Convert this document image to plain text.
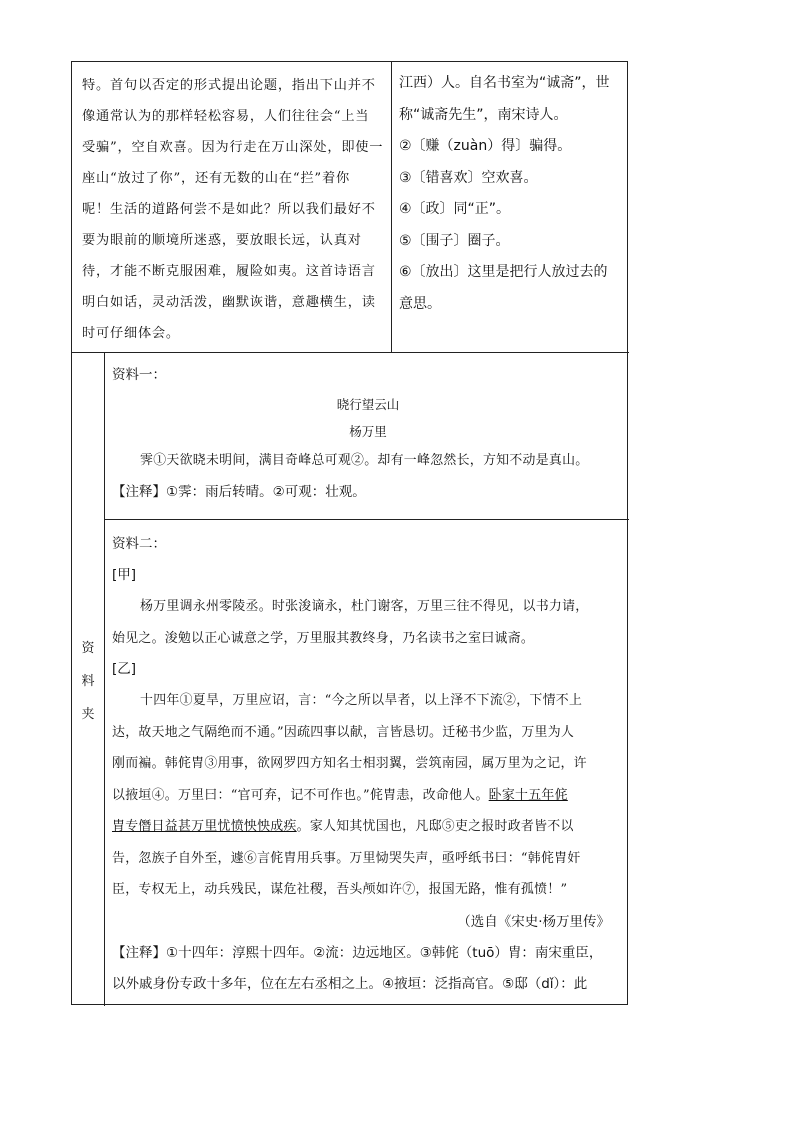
特。首句以否定的形式提出论题，指出下山并不
像通常认为的那样轻松容易，人们往往会“上当
受骗”，空自欢喜。因为行走在万山深处，即使一
座山“放过了你”，还有无数的山在“拦”着你
呢！生活的道路何尝不是如此？所以我们最好不
要为眼前的顺境所迷惑，要放眼长远，认真对
待，才能不断克服困难，履险如夷。这首诗语言
明白如话，灵动活泼，幽默诙谐，意趣横生，读
时可仔细体会。
江西）人。自名书室为“诚斋”，世
称“诚斋先生”，南宋诗人。
②〔赚（zuàn）得〕骗得。
③〔错喜欢〕空欢喜。
④〔政〕同“正”。
⑤〔围子〕圈子。
⑥〔放出〕这里是把行人放过去的
意思。
资
料
夹
资料一：
晓行望云山
杨万里
霁①天欲晓未明间，满目奇峰总可观②。却有一峰忽然长，方知不动是真山。
【注释】①霁：雨后转晴。②可观：壮观。
资料二：
[甲]
杨万里调永州零陵丞。时张浚谪永，杜门谢客，万里三往不得见，以书力请，
始见之。浚勉以正心诚意之学，万里服其教终身，乃名读书之室曰诚斋。
[乙]
十四年①夏旱，万里应诏，言：“今之所以旱者，以上泽不下流②，下情不上
达，故天地之气隔绝而不通。”因疏四事以献，言皆恳切。迁秘书少监，万里为人
刚而褊。韩侂胄③用事，欲网罗四方知名士相羽翼，尝筑南园，属万里为之记，许
以掖垣④。万里曰：“官可弃，记不可作也。”侂胄恚，改命他人。卧家十五年侂
胄专僭日益甚万里忧愤怏怏成疾。家人知其忧国也，凡邸⑤吏之报时政者皆不以
告，忽族子自外至，遽⑥言侂胄用兵事。万里恸哭失声，亟呼纸书曰：“韩侂胄奸
臣，专权无上，动兵残民，谋危社稷，吾头颅如许⑦，报国无路，惟有孤愤！”
（选自《宋史·杨万里传》
【注释】①十四年：淳熙十四年。②流：边远地区。③韩侂（tuō）胄：南宋重臣，
以外戚身份专政十多年，位在左右丞相之上。④掖垣：泛指高官。⑤邸（dǐ）：此
